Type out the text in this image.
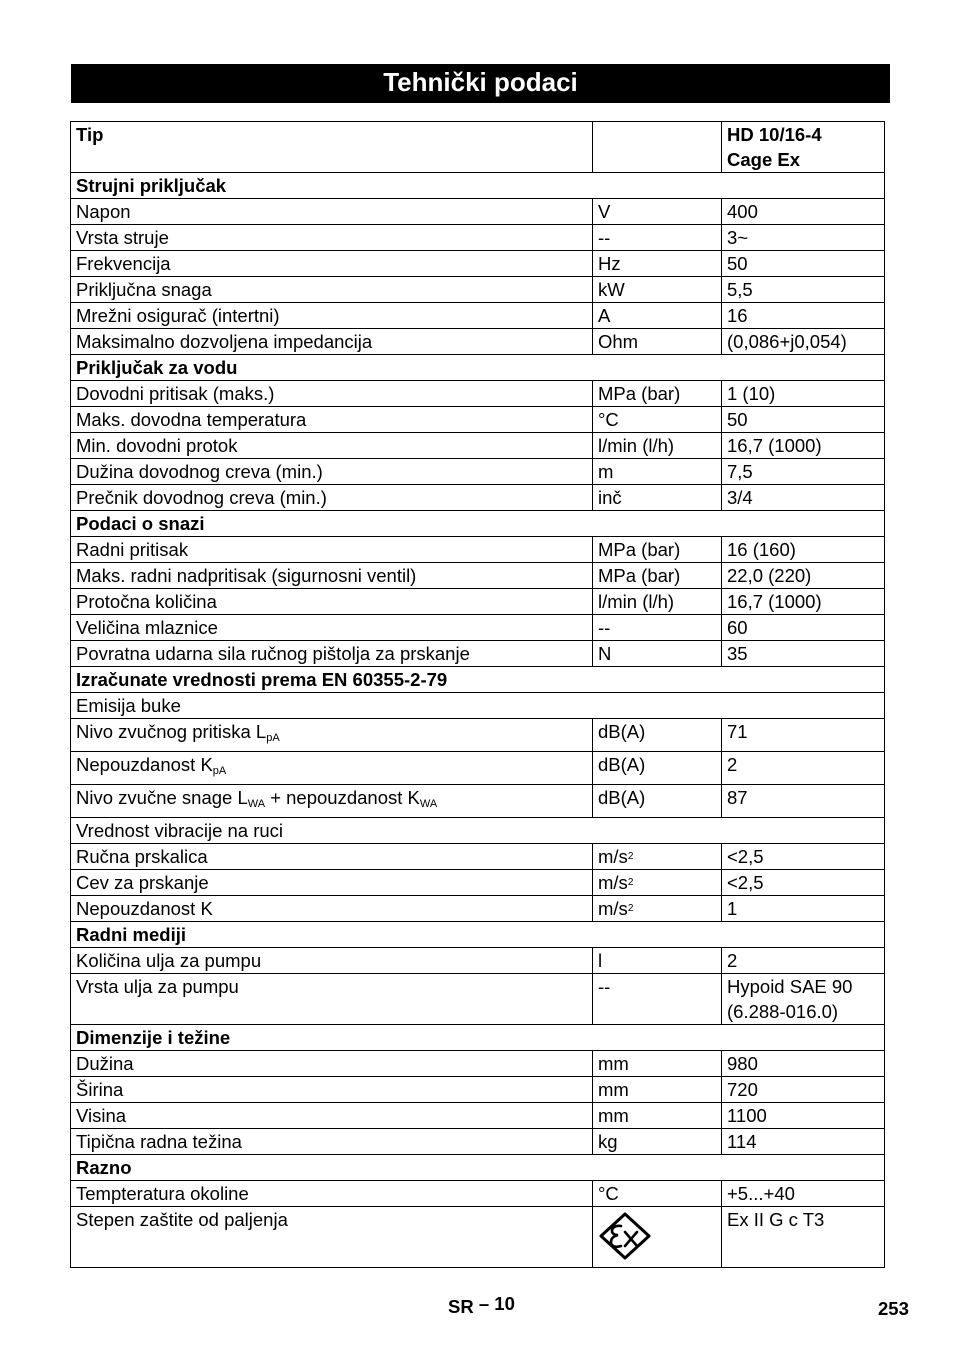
Tehnički podaci
Tip		HD 10/16-4
Cage Ex
Strujni priključak		
Napon	V	400
Vrsta struje	--	3~
Frekvencija	Hz	50
Priključna snaga	kW	5,5
Mrežni osigurač (intertni)	A	16
Maksimalno dozvoljena impedancija	Ohm	(0,086+j0,054)
Priključak za vodu		
Dovodni pritisak (maks.)	MPa (bar)	1 (10)
Maks. dovodna temperatura	°C	50
Min. dovodni protok	l/min (l/h)	16,7 (1000)
Dužina dovodnog creva (min.)	m	7,5
Prečnik dovodnog creva (min.)	inč	3/4
Podaci o snazi		
Radni pritisak	MPa (bar)	16 (160)
Maks. radni nadpritisak (sigurnosni ventil)	MPa (bar)	22,0 (220)
Protočna količina	l/min (l/h)	16,7 (1000)
Veličina mlaznice	--	60
Povratna udarna sila ručnog pištolja za prskanje	N	35
Izračunate vrednosti prema EN 60355-2-79		
Emisija buke		
Nivo zvučnog pritiska $L_{pA}$	dB(A)	71
Nepouzdanost $K_{pA}$	dB(A)	2
Nivo zvučne snage $L_{WA}$ + nepouzdanost $K_{WA}$	dB(A)	87
Vrednost vibracije na ruci		
Ručna prskalica	$m/s^2$	<2,5
Cev za prskanje	$m/s^2$	<2,5
Nepouzdanost K	$m/s^2$	1
Radni mediji		
Količina ulja za pumpu	l	2
Vrsta ulja za pumpu	--	Hypoid SAE 90
(6.288-016.0)
Dimenzije i težine		
Dužina	mm	980
Širina	mm	720
Visina	mm	1100
Tipična radna težina	kg	114
Razno		
Tempteratura okoline	°C	+5...+40
Stepen zaštite od paljenja		Ex II G c T3
SR – 10	253
